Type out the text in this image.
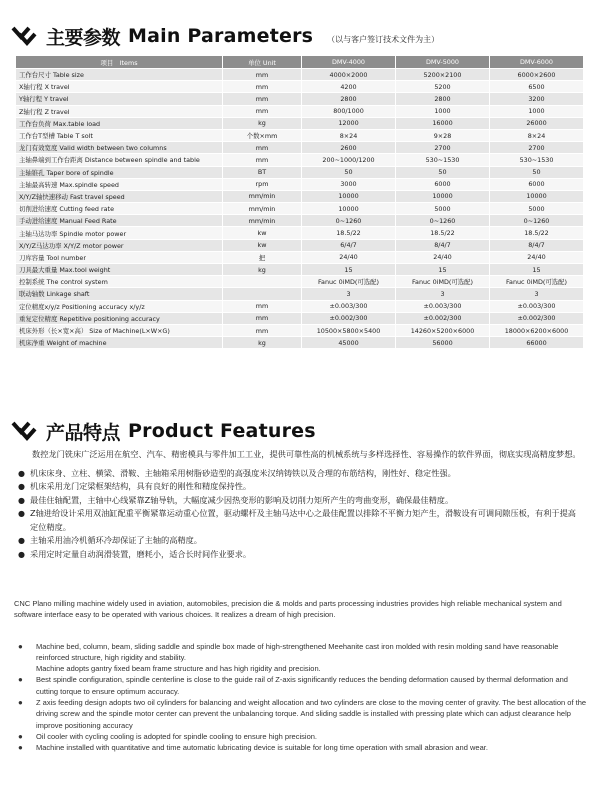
主要参数 Main Parameters （以与客户签订技术文件为主）
项目　Items	单位 Unit	DMV-4000	DMV-5000	DMV-6000
工作台尺寸 Table size	mm	4000×2000	5200×2100	6000×2600
X轴行程 X travel	mm	4200	5200	6500
Y轴行程 Y travel	mm	2800	2800	3200
Z轴行程 Z travel	mm	800/1000	1000	1000
工作台负荷 Max.table load	kg	12000	16000	26000
工作台T型槽 Table T solt	个数×mm	8×24	9×28	8×24
龙门有效宽度 Valid width between two columns	mm	2600	2700	2700
主轴鼻端到工作台距离 Distance between spindle and table	mm	200~1000/1200	530~1530	530~1530
主轴锥孔 Taper bore of spindle	BT	50	50	50
主轴最高转速 Max.spindle speed	rpm	3000	6000	6000
X/Y/Z轴快速移动 Fast travel speed	mm/min	10000	10000	10000
切削进给速度 Cutting feed rate	mm/min	10000	5000	5000
手动进给速度 Manual Feed Rate	mm/min	0~1260	0~1260	0~1260
主轴马达功率 Spindle motor power	kw	18.5/22	18.5/22	18.5/22
X/Y/Z马达功率 X/Y/Z motor power	kw	6/4/7	8/4/7	8/4/7
刀库容量 Tool number	把	24/40	24/40	24/40
刀具最大重量 Max.tool weight	kg	15	15	15
控制系统 The control system		Fanuc 0iMD(可选配)	Fanuc 0iMD(可选配)	Fanuc 0iMD(可选配)
联动轴数 Linkage shaft		3	3	3
定位精度x/y/z Positioning accuracy x/y/z	mm	±0.003/300	±0.003/300	±0.003/300
重复定位精度 Repetitive positioning accuracy	mm	±0.002/300	±0.002/300	±0.002/300
机床外形（长×宽×高） Size of Machine(L×W×G)	mm	10500×5800×5400	14260×5200×6000	18000×6200×6000
机床净重 Weight of machine	kg	45000	56000	66000
产品特点 Product Features

数控龙门铣床广泛运用在航空、汽车、精密模具与零件加工工业，提供可靠性高的机械系统与多样选择性、容易操作的软件界面，彻底实现高精度梦想。

● 机床床身、立柱、横梁、滑鞍、主轴箱采用树脂砂造型的高强度米汉纳铸铁以及合理的布筋结构，刚性好、稳定性强。
● 机床采用龙门定梁框架结构，具有良好的刚性和精度保持性。
● 最佳住轴配置，主轴中心线紧靠Z轴导轨，大幅度减少因热变形的影响及切削力矩所产生的弯曲变形，确保最佳精度。
● Z轴进给设计采用双油缸配重平衡紧靠运动重心位置，驱动螺杆及主轴马达中心之最佳配置以排除不平衡力矩产生，滑鞍设有可调间隙压板，有利于提高定位精度。
● 主轴采用油冷机循环冷却保证了主轴的高精度。
● 采用定时定量自动润滑装置，磨耗小，适合长时间作业要求。

CNC Plano milling machine widely used in aviation, automobiles, precision die & molds and parts processing industries provides high reliable mechanical system and software interface easy to be operated with various choices. It realizes a dream of high precision.

● Machine bed, column, beam, sliding saddle and spindle box made of high-strengthened Meehanite cast iron molded with resin molding sand have reasonable reinforced structure, high rigidity and stability.
Machine adopts gantry fixed beam frame structure and has high rigidity and precision.
● Best spindle configuration, spindle centerline is close to the guide rail of Z-axis significantly reduces the bending deformation caused by thermal deformation and cutting torque to ensure optimum accuracy.
● Z axis feeding design adopts two oil cylinders for balancing and weight allocation and two cylinders are close to the moving center of gravity. The best allocation of the driving screw and the spindle motor center can prevent the unbalancing torque. And sliding saddle is installed with pressing plate which can adjust clearance help improve positioning accuracy
● Oil cooler with cycling cooling is adopted for spindle cooling to ensure high precision.
● Machine installed with quantitative and time automatic lubricating device is suitable for long time operation with small abrasion and wear.
